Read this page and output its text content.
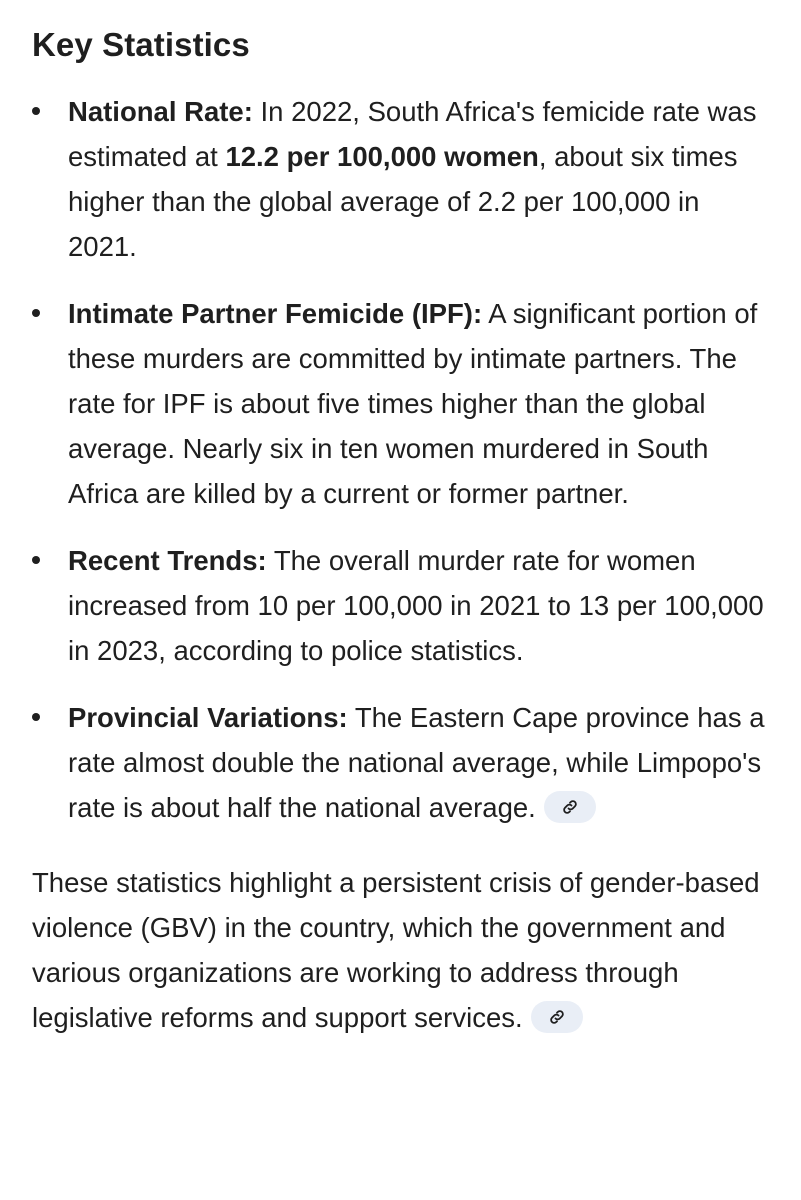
Key Statistics
National Rate: In 2022, South Africa's femicide rate was estimated at 12.2 per 100,000 women, about six times higher than the global average of 2.2 per 100,000 in 2021.
Intimate Partner Femicide (IPF): A significant portion of these murders are committed by intimate partners. The rate for IPF is about five times higher than the global average. Nearly six in ten women murdered in South Africa are killed by a current or former partner.
Recent Trends: The overall murder rate for women increased from 10 per 100,000 in 2021 to 13 per 100,000 in 2023, according to police statistics.
Provincial Variations: The Eastern Cape province has a rate almost double the national average, while Limpopo's rate is about half the national average.

These statistics highlight a persistent crisis of gender-based violence (GBV) in the country, which the government and various organizations are working to address through legislative reforms and support services.
